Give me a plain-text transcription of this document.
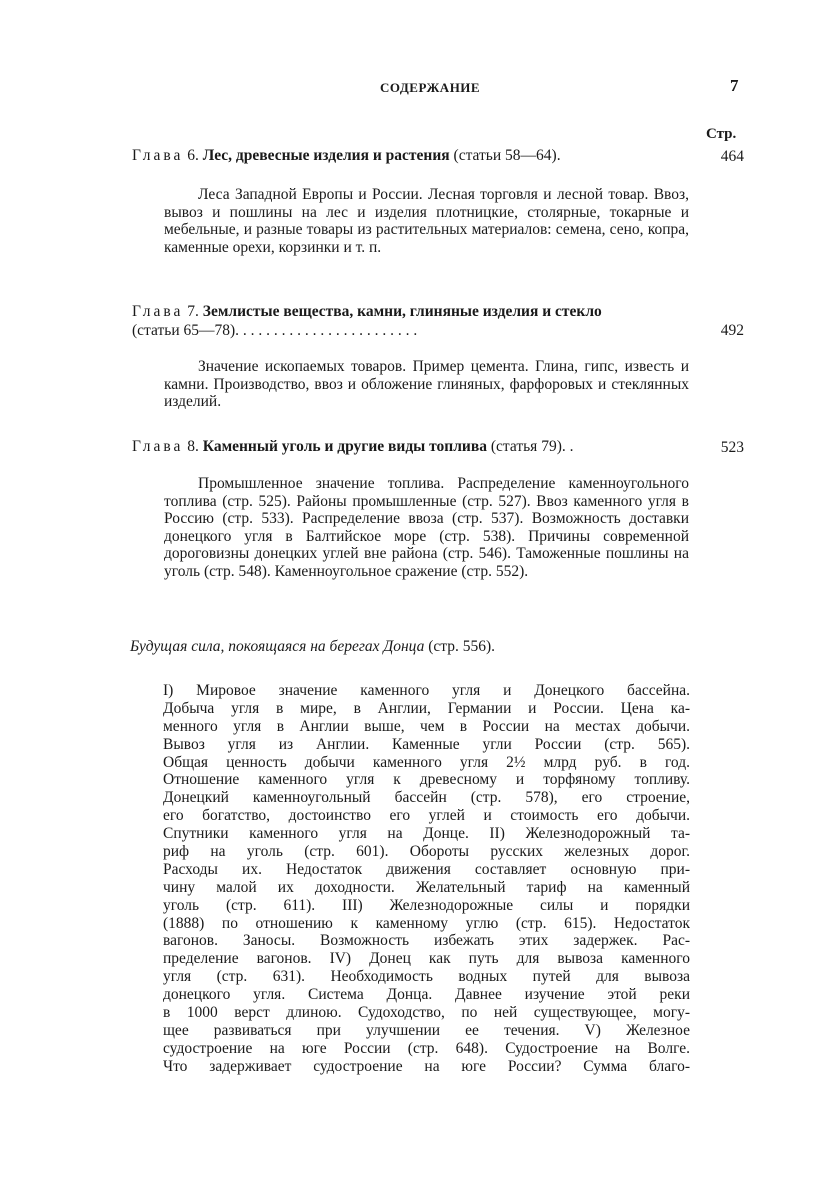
СОДЕРЖАНИЕ	7
Стр.
Глава 6. Лес, древесные изделия и растения (статьи 58—64).	464
Леса Западной Европы и России. Лесная торговля и лесной товар. Ввоз, вывоз и пошлины на лес и изделия плотницкие, столярные, токарные и мебельные, и разные товары из растительных материалов: семена, сено, копра, каменные орехи, корзинки и т. п.
Глава 7. Землистые вещества, камни, глиняные изделия и стекло
(статьи 65—78). . . . . . . . . . . . . . . . . . . . . . . .	492
Значение ископаемых товаров. Пример цемента. Глина, гипс, известь и камни. Производство, ввоз и обложение глиняных, фарфоровых и стеклянных изделий.
Глава 8. Каменный уголь и другие виды топлива (статья 79). .	523
Промышленное значение топлива. Распределение каменноугольного топлива (стр. 525). Районы промышленные (стр. 527). Ввоз каменного угля в Россию (стр. 533). Распределение ввоза (стр. 537). Возможность доставки донецкого угля в Балтийское море (стр. 538). Причины современной дороговизны донецких углей вне района (стр. 546). Таможенные пошлины на уголь (стр. 548). Каменноугольное сражение (стр. 552).
Будущая сила, покоящаяся на берегах Донца (стр. 556).
I) Мировое значение каменного угля и Донецкого бассейна.
Добыча угля в мире, в Англии, Германии и России. Цена ка-
менного угля в Англии выше, чем в России на местах добычи.
Вывоз угля из Англии. Каменные угли России (стр. 565).
Общая ценность добычи каменного угля 2½ млрд руб. в год.
Отношение каменного угля к древесному и торфяному топливу.
Донецкий каменноугольный бассейн (стр. 578), его строение,
его богатство, достоинство его углей и стоимость его добычи.
Спутники каменного угля на Донце. II) Железнодорожный та-
риф на уголь (стр. 601). Обороты русских железных дорог.
Расходы их. Недостаток движения составляет основную при-
чину малой их доходности. Желательный тариф на каменный
уголь (стр. 611). III) Железнодорожные силы и порядки
(1888) по отношению к каменному углю (стр. 615). Недостаток
вагонов. Заносы. Возможность избежать этих задержек. Рас-
пределение вагонов. IV) Донец как путь для вывоза каменного
угля (стр. 631). Необходимость водных путей для вывоза
донецкого угля. Система Донца. Давнее изучение этой реки
в 1000 верст длиною. Судоходство, по ней существующее, могу-
щее развиваться при улучшении ее течения. V) Железное
судостроение на юге России (стр. 648). Судостроение на Волге.
Что задерживает судостроение на юге России? Сумма благо-
